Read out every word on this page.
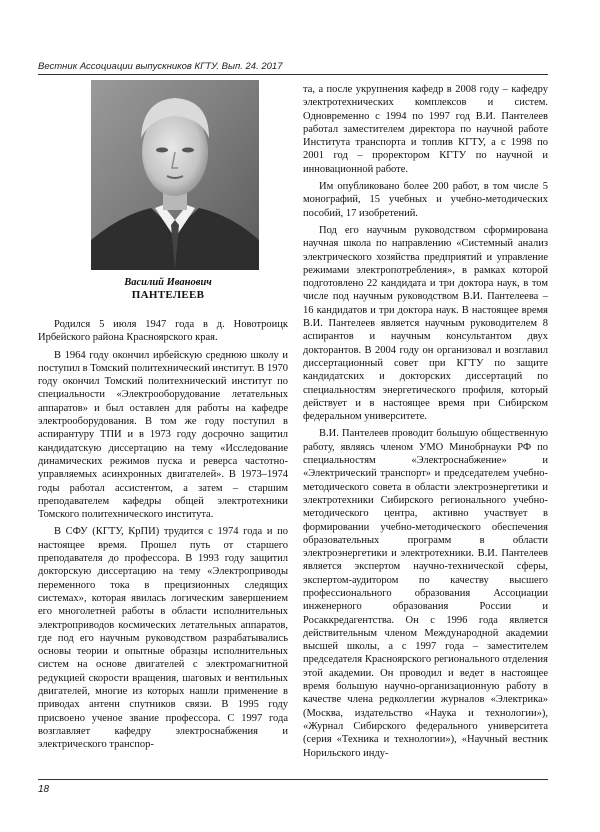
Вестник Ассоциации выпускников КГТУ. Вып. 24. 2017
Василий Иванович
ПАНТЕЛЕЕВ

Родился 5 июля 1947 года в д. Новотроицк Ирбейского района Красноярского края.

В 1964 году окончил ирбейскую среднюю школу и поступил в Томский политехнический институт. В 1970 году окончил Томский политехнический институт по специальности «Электрооборудование летательных аппаратов» и был оставлен для работы на кафедре электрооборудования. В том же году поступил в аспирантуру ТПИ и в 1973 году досрочно защитил кандидатскую диссертацию на тему «Исследование динамических режимов пуска и реверса частотно-управляемых асинхронных двигателей». В 1973–1974 годы работал ассистентом, а затем – старшим преподавателем кафедры общей электротехники Томского политехнического института.

В СФУ (КГТУ, КрПИ) трудится с 1974 года и по настоящее время. Прошел путь от старшего преподавателя до профессора. В 1993 году защитил докторскую диссертацию на тему «Электроприводы переменного тока в прецизионных следящих системах», которая явилась логическим завершением его многолетней работы в области исполнительных электроприводов космических летательных аппаратов, где под его научным руководством разрабатывались основы теории и опытные образцы исполнительных систем на основе двигателей с электромагнитной редукцией скорости вращения, шаговых и вентильных двигателей, многие из которых нашли применение в приводах антенн спутников связи. В 1995 году присвоено ученое звание профессора. С 1997 года возглавляет кафедру электроснабжения и электрического транспор-

та, а после укрупнения кафедр в 2008 году – кафедру электротехнических комплексов и систем. Одновременно с 1994 по 1997 год В.И. Пантелеев работал заместителем директора по научной работе Института транспорта и топлив КГТУ, а с 1998 по 2001 год – проректором КГТУ по научной и инновационной работе.

Им опубликовано более 200 работ, в том числе 5 монографий, 15 учебных и учебно-методических пособий, 17 изобретений.

Под его научным руководством сформирована научная школа по направлению «Системный анализ электрического хозяйства предприятий и управление режимами электропотребления», в рамках которой подготовлено 22 кандидата и три доктора наук, в том числе под научным руководством В.И. Пантелеева – 16 кандидатов и три доктора наук. В настоящее время В.И. Пантелеев является научным руководителем 8 аспирантов и научным консультантом двух докторантов. В 2004 году он организовал и возглавил диссертационный совет при КГТУ по защите кандидатских и докторских диссертаций по специальностям энергетического профиля, который действует и в настоящее время при Сибирском федеральном университете.

В.И. Пантелеев проводит большую общественную работу, являясь членом УМО Минобрнауки РФ по специальностям «Электроснабжение» и «Электрический транспорт» и председателем учебно-методического совета в области электроэнергетики и электротехники Сибирского регионального учебно-методического центра, активно участвует в формировании учебно-методического обеспечения образовательных программ в области электроэнергетики и электротехники. В.И. Пантелеев является экспертом научно-технической сферы, экспертом-аудитором по качеству высшего профессионального образования Ассоциации инженерного образования России и Росаккредагентства. Он с 1996 года является действительным членом Международной академии высшей школы, а с 1997 года – заместителем председателя Красноярского регионального отделения этой академии. Он проводил и ведет в настоящее время большую научно-организационную работу в качестве члена редколлегии журналов «Электрика» (Москва, издательство «Наука и технологии»), «Журнал Сибирского федерального университета (серия «Техника и технологии»), «Научный вестник Норильского инду-

18
